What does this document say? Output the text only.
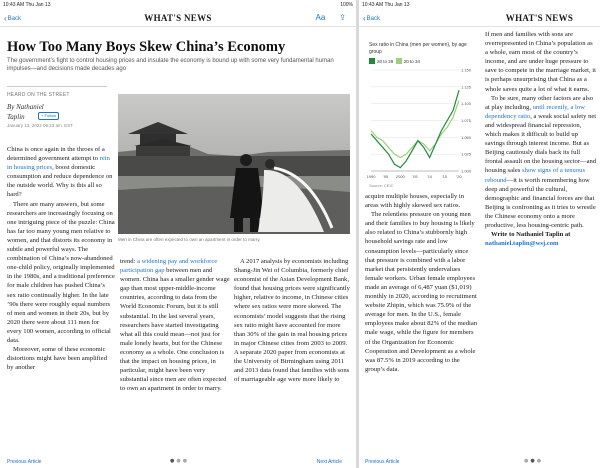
10:43 AM Thu Jan 13	100%
‹Back	WHAT'S NEWS	Aa ⇪
How Too Many Boys Skew China’s Economy
The government’s fight to control housing prices and insulate the economy is bound up with some very fundamental human impulses—and decisions made decades ago
HEARD ON THE STREET
By Nathaniel
Taplin	+ Follow
January 13, 2022 09:23 am. EST
Men in China are often expected to own an apartment in order to marry.

China is once again in the throes of a determined government attempt to rein in housing prices, boost domestic consumption and reduce dependence on the outside world. Why is this all so hard?

There are many answers, but some researchers are increasingly focusing on one intriguing piece of the puzzle: China has far too many young men relative to women, and that distorts its economy in subtle and powerful ways. The combination of China’s now-abandoned one-child policy, originally implemented in the 1980s, and a traditional preference for male children has pushed China’s sex ratio continually higher. In the late ’90s there were roughly equal numbers of men and women in their 20s, but by 2020 there were about 111 men for every 100 women, according to official data.

Moreover, some of these economic distortions might have been amplified by another

trend: a widening pay and workforce participation gap between men and women. China has a smaller gender wage gap than most upper-middle-income countries, according to data from the World Economic Forum, but it is still substantial. In the last several years, researchers have started investigating what all this could mean—not just for male lonely hearts, but for the Chinese economy as a whole. One conclusion is that the impact on housing prices, in particular, might have been very substantial since men are often expected to own an apartment in order to marry.

A 2017 analysis by economists including Shang-Jin Wei of Columbia, formerly chief economist of the Asian Development Bank, found that housing prices were significantly higher, relative to income, in Chinese cities where sex ratios were more skewed. The economists’ model suggests that the rising sex ratio might have accounted for more than 30% of the gain in real housing prices in major Chinese cities from 2003 to 2009. A separate 2020 paper from economists at the University of Birmingham using 2011 and 2013 data found that families with sons of marriageable age were more likely to

Previous Article	●●●	Next Article
10:43 AM Thu Jan 13
‹Back	WHAT'S NEWS
Sex ratio in China (men per women), by age group
20 to 29 20 to 34
1.000
1.025
1.050
1.075
1.100
1.125
1.150
1990 '95 2000 '05 '10 '15 '20
Source: CEIC

acquire multiple houses, especially in areas with highly skewed sex ratios.

The relentless pressure on young men and their families to buy housing is likely also related to China’s stubbornly high household savings rate and low consumption levels—particularly since that pressure is combined with a labor market that persistently undervalues female workers. Urban female employees made an average of 6,487 yuan ($1,019) monthly in 2020, according to recruitment website Zhipin, which was 75.9% of the average for men. In the U.S., female employees make about 82% of the median male wage, while the figure for members of the Organization for Economic Cooperation and Development as a whole was 87.5% in 2019 according to the group’s data.

If men and families with sons are overrepresented in China’s population as a whole, earn most of the country’s income, and are under huge pressure to save to compete in the marriage market, it is perhaps unsurprising that China as a whole saves quite a lot of what it earns.

To be sure, many other factors are also at play including, until recently, a low dependency ratio, a weak social safety net and widespread financial repression, which makes it difficult to build up savings through interest income. But as Beijing cautiously dials back its full frontal assault on the housing sector—and housing sales show signs of a tenuous rebound—it is worth remembering how deep and powerful the cultural, demographic and financial forces are that Beijing is confronting as it tries to wrestle the Chinese economy onto a more productive, less housing-centric path.

Write to Nathaniel Taplin at nathaniel.taplin@wsj.com

Previous Article	●●●
